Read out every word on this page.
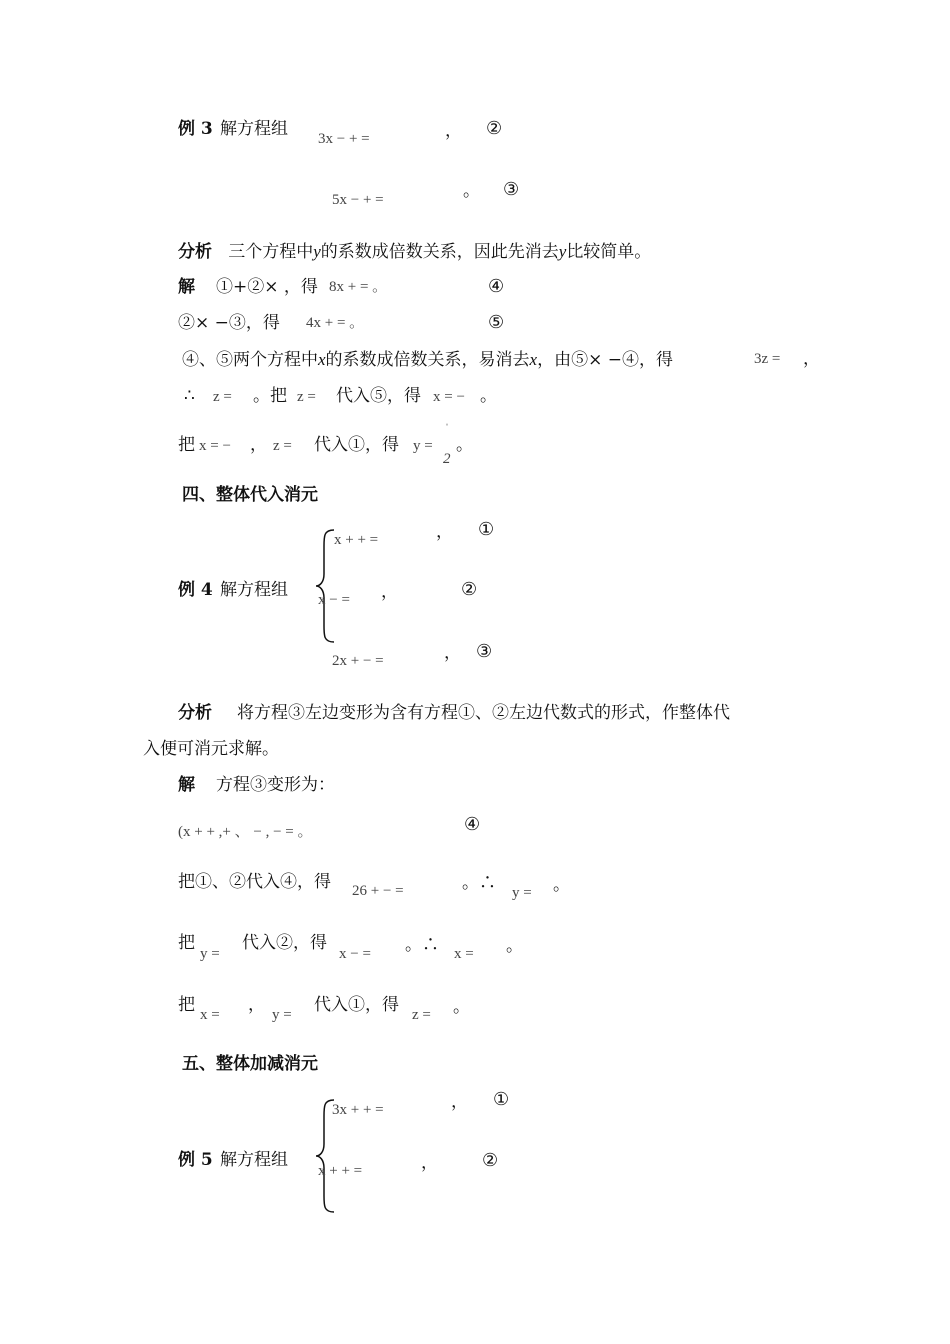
例 3 解方程组 3x − + =	， ②
5x − + =	。 ③
分析 三个方程中y的系数成倍数关系，因此先消去y比较简单。
解 ①+②× ，得 8x + = 。	④
②× −③，得 4x + = 。	⑤
④、⑤两个方程中x的系数成倍数关系，易消去x，由⑤× −④，得	3z = ，
∴ z = 。把 z = 代入⑤，得 x = − 。
把 x = − ， z = 代入①，得 y =
ˈ
2
。
四、整体代入消元
x + + =	， ①
例 4 解方程组 x − = ，	②
2x + − =	， ③
分析 将方程③左边变形为含有方程①、②左边代数式的形式，作整体代
入便可消元求解。
解 方程③变形为：
(x + + ,+ 、 − , − = 。	④
把①、②代入④，得 26 + − =	。∴ y = 。
把
y =
代入②，得
x − = 。∴ x = 。
把 x = ， y = 代入①，得 z = 。
五、整体加减消元
3x + + =	， ①
例 5 解方程组
x + + =	， ②
